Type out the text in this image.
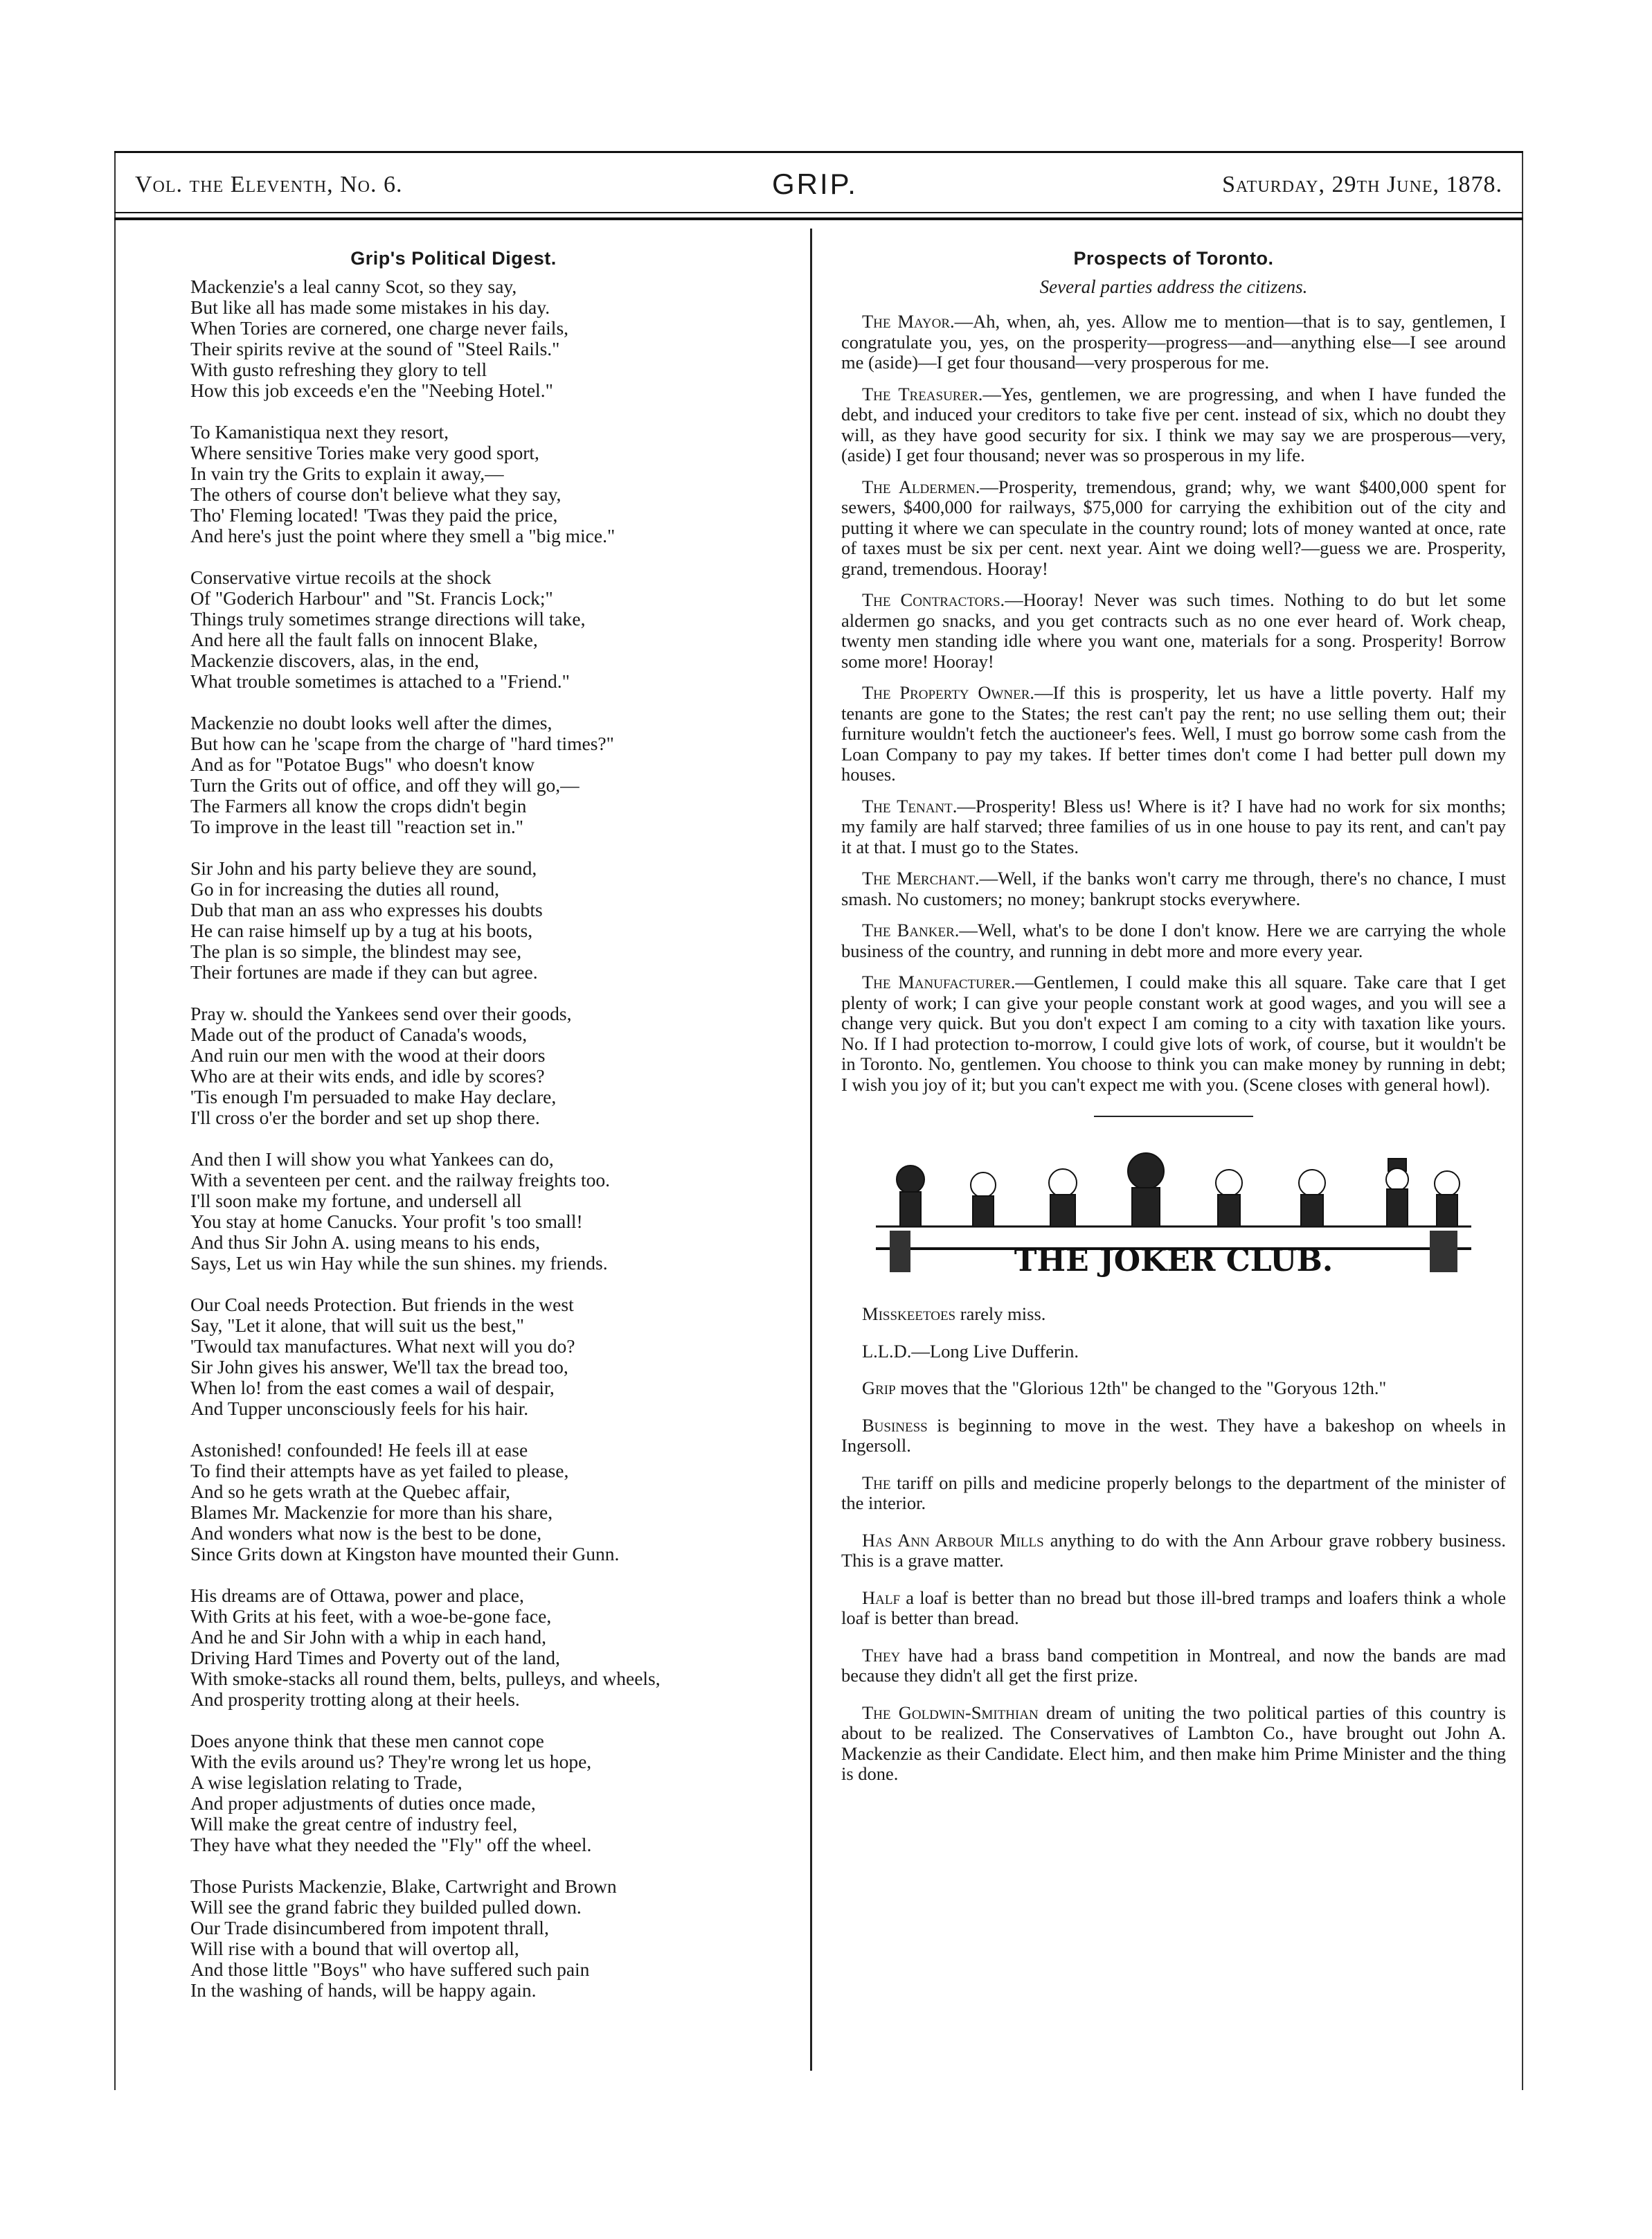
Vol. the Eleventh, No. 6.	GRIP.	Saturday, 29th June, 1878.
Grip's Political Digest.
Mackenzie's a leal canny Scot, so they say,
But like all has made some mistakes in his day.
When Tories are cornered, one charge never fails,
Their spirits revive at the sound of "Steel Rails."
With gusto refreshing they glory to tell
How this job exceeds e'en the "Neebing Hotel."
To Kamanistiqua next they resort,
Where sensitive Tories make very good sport,
In vain try the Grits to explain it away,—
The others of course don't believe what they say,
Tho' Fleming located! 'Twas they paid the price,
And here's just the point where they smell a "big mice."
Conservative virtue recoils at the shock
Of "Goderich Harbour" and "St. Francis Lock;"
Things truly sometimes strange directions will take,
And here all the fault falls on innocent Blake,
Mackenzie discovers, alas, in the end,
What trouble sometimes is attached to a "Friend."
Mackenzie no doubt looks well after the dimes,
But how can he 'scape from the charge of "hard times?"
And as for "Potatoe Bugs" who doesn't know
Turn the Grits out of office, and off they will go,—
The Farmers all know the crops didn't begin
To improve in the least till "reaction set in."
Sir John and his party believe they are sound,
Go in for increasing the duties all round,
Dub that man an ass who expresses his doubts
He can raise himself up by a tug at his boots,
The plan is so simple, the blindest may see,
Their fortunes are made if they can but agree.
Pray w. should the Yankees send over their goods,
Made out of the product of Canada's woods,
And ruin our men with the wood at their doors
Who are at their wits ends, and idle by scores?
'Tis enough I'm persuaded to make Hay declare,
I'll cross o'er the border and set up shop there.
And then I will show you what Yankees can do,
With a seventeen per cent. and the railway freights too.
I'll soon make my fortune, and undersell all
You stay at home Canucks. Your profit 's too small!
And thus Sir John A. using means to his ends,
Says, Let us win Hay while the sun shines. my friends.
Our Coal needs Protection. But friends in the west
Say, "Let it alone, that will suit us the best,"
'Twould tax manufactures. What next will you do?
Sir John gives his answer, We'll tax the bread too,
When lo! from the east comes a wail of despair,
And Tupper unconsciously feels for his hair.
Astonished! confounded! He feels ill at ease
To find their attempts have as yet failed to please,
And so he gets wrath at the Quebec affair,
Blames Mr. Mackenzie for more than his share,
And wonders what now is the best to be done,
Since Grits down at Kingston have mounted their Gunn.
His dreams are of Ottawa, power and place,
With Grits at his feet, with a woe-be-gone face,
And he and Sir John with a whip in each hand,
Driving Hard Times and Poverty out of the land,
With smoke-stacks all round them, belts, pulleys, and wheels,
And prosperity trotting along at their heels.
Does anyone think that these men cannot cope
With the evils around us? They're wrong let us hope,
A wise legislation relating to Trade,
And proper adjustments of duties once made,
Will make the great centre of industry feel,
They have what they needed the "Fly" off the wheel.
Those Purists Mackenzie, Blake, Cartwright and Brown
Will see the grand fabric they builded pulled down.
Our Trade disincumbered from impotent thrall,
Will rise with a bound that will overtop all,
And those little "Boys" who have suffered such pain
In the washing of hands, will be happy again.
Prospects of Toronto.
Several parties address the citizens.

The Mayor.—Ah, when, ah, yes. Allow me to mention—that is to say, gentlemen, I congratulate you, yes, on the prosperity—progress—and—anything else—I see around me (aside)—I get four thousand—very prosperous for me.

The Treasurer.—Yes, gentlemen, we are progressing, and when I have funded the debt, and induced your creditors to take five per cent. instead of six, which no doubt they will, as they have good security for six. I think we may say we are prosperous—very, (aside) I get four thousand; never was so prosperous in my life.

The Aldermen.—Prosperity, tremendous, grand; why, we want $400,000 spent for sewers, $400,000 for railways, $75,000 for carrying the exhibition out of the city and putting it where we can speculate in the country round; lots of money wanted at once, rate of taxes must be six per cent. next year. Aint we doing well?—guess we are. Prosperity, grand, tremendous. Hooray!

The Contractors.—Hooray! Never was such times. Nothing to do but let some aldermen go snacks, and you get contracts such as no one ever heard of. Work cheap, twenty men standing idle where you want one, materials for a song. Prosperity! Borrow some more! Hooray!

The Property Owner.—If this is prosperity, let us have a little poverty. Half my tenants are gone to the States; the rest can't pay the rent; no use selling them out; their furniture wouldn't fetch the auctioneer's fees. Well, I must go borrow some cash from the Loan Company to pay my takes. If better times don't come I had better pull down my houses.

The Tenant.—Prosperity! Bless us! Where is it? I have had no work for six months; my family are half starved; three families of us in one house to pay its rent, and can't pay it at that. I must go to the States.

The Merchant.—Well, if the banks won't carry me through, there's no chance, I must smash. No customers; no money; bankrupt stocks everywhere.

The Banker.—Well, what's to be done I don't know. Here we are carrying the whole business of the country, and running in debt more and more every year.

The Manufacturer.—Gentlemen, I could make this all square. Take care that I get plenty of work; I can give your people constant work at good wages, and you will see a change very quick. But you don't expect I am coming to a city with taxation like yours. No. If I had protection to-morrow, I could give lots of work, of course, but it wouldn't be in Toronto. No, gentlemen. You choose to think you can make money by running in debt; I wish you joy of it; but you can't expect me with you. (Scene closes with general howl).

THE JOKER CLUB.

Misskeetoes rarely miss.

L.L.D.—Long Live Dufferin.

Grip moves that the "Glorious 12th" be changed to the "Goryous 12th."

Business is beginning to move in the west. They have a bakeshop on wheels in Ingersoll.

The tariff on pills and medicine properly belongs to the department of the minister of the interior.

Has Ann Arbour Mills anything to do with the Ann Arbour grave robbery business. This is a grave matter.

Half a loaf is better than no bread but those ill-bred tramps and loafers think a whole loaf is better than bread.

They have had a brass band competition in Montreal, and now the bands are mad because they didn't all get the first prize.

The Goldwin-Smithian dream of uniting the two political parties of this country is about to be realized. The Conservatives of Lambton Co., have brought out John A. Mackenzie as their Candidate. Elect him, and then make him Prime Minister and the thing is done.
